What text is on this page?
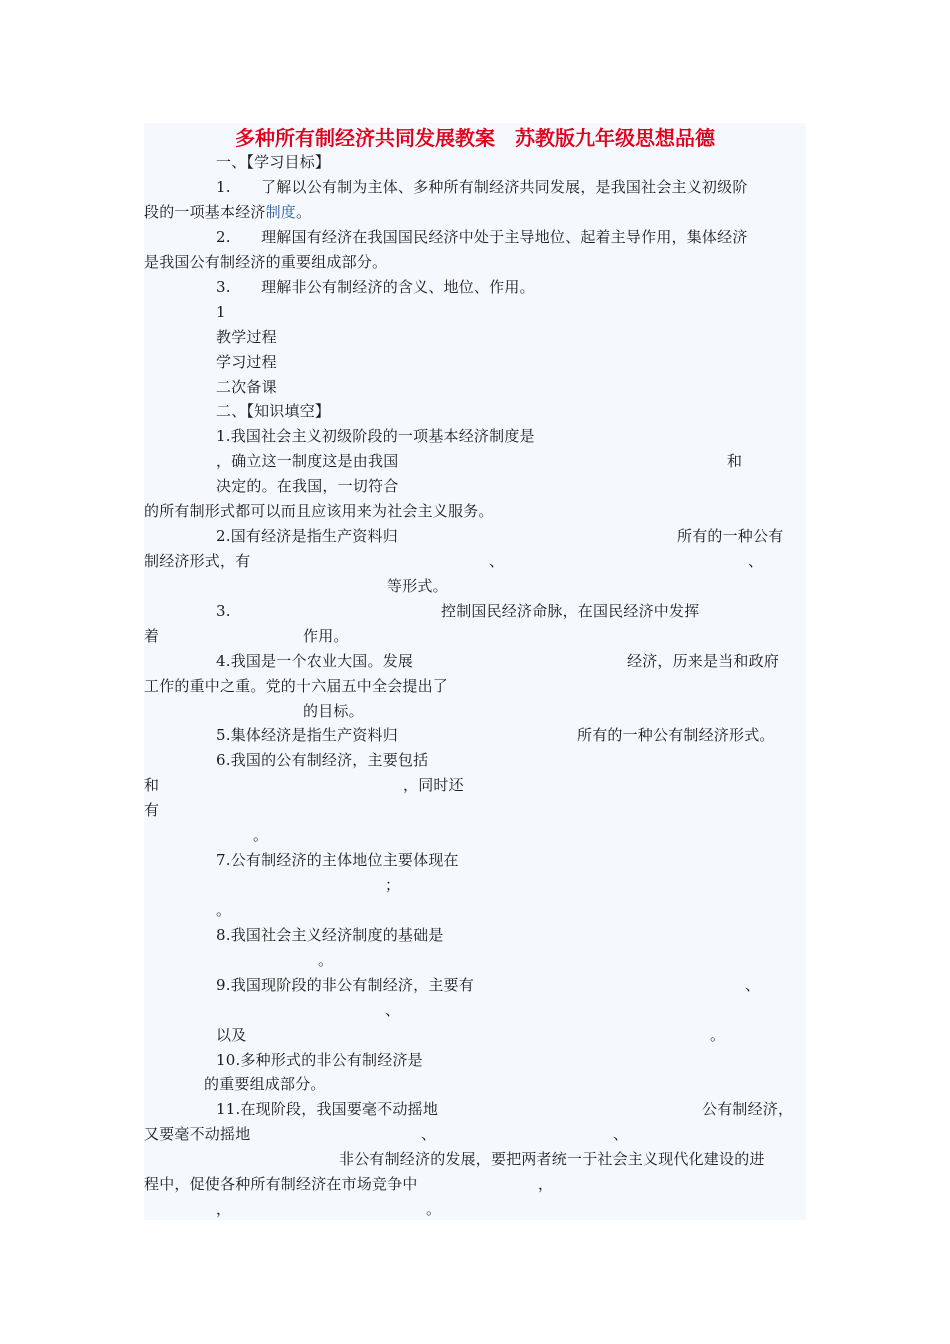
多种所有制经济共同发展教案　苏教版九年级思想品德
一、【学习目标】
1.　　了解以公有制为主体、多种所有制经济共同发展，是我国社会主义初级阶
段的一项基本经济制度。
2.　　理解国有经济在我国国民经济中处于主导地位、起着主导作用，集体经济
是我国公有制经济的重要组成部分。
3.　　理解非公有制经济的含义、地位、作用。
1
教学过程
学习过程
二次备课
二、【知识填空】
1.我国社会主义初级阶段的一项基本经济制度是
，确立这一制度这是由我国	和
决定的。在我国，一切符合
的所有制形式都可以而且应该用来为社会主义服务。
2.国有经济是指生产资料归	所有的一种公有
制经济形式，有	、	、
等形式。
3.	控制国民经济命脉，在国民经济中发挥
着	作用。
4.我国是一个农业大国。发展	经济，历来是当和政府
工作的重中之重。党的十六届五中全会提出了
的目标。
5.集体经济是指生产资料归	所有的一种公有制经济形式。
6.我国的公有制经济，主要包括
和	，同时还
有
。
7.公有制经济的主体地位主要体现在
；
。
8.我国社会主义经济制度的基础是
。
9.我国现阶段的非公有制经济，主要有	、
、
以及	。
10.多种形式的非公有制经济是
的重要组成部分。
11.在现阶段，我国要毫不动摇地	公有制经济，
又要毫不动摇地	、	、
非公有制经济的发展，要把两者统一于社会主义现代化建设的进
程中，促使各种所有制经济在市场竞争中	，
，	。
